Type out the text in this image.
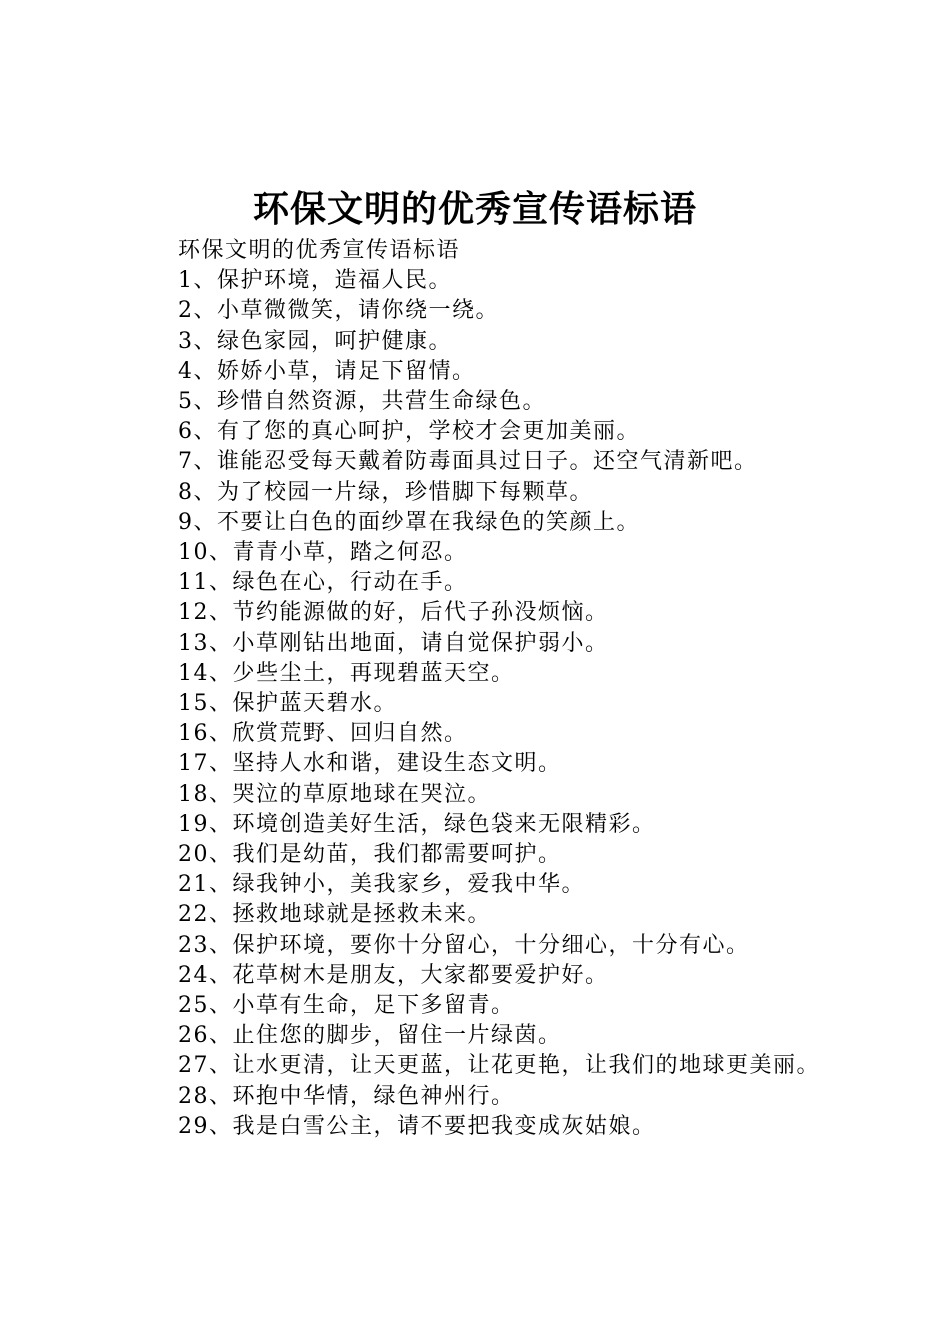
环保文明的优秀宣传语标语

环保文明的优秀宣传语标语

1、保护环境，造福人民。

2、小草微微笑，请你绕一绕。

3、绿色家园，呵护健康。

4、娇娇小草，请足下留情。

5、珍惜自然资源，共营生命绿色。

6、有了您的真心呵护，学校才会更加美丽。

7、谁能忍受每天戴着防毒面具过日子。还空气清新吧。

8、为了校园一片绿，珍惜脚下每颗草。

9、不要让白色的面纱罩在我绿色的笑颜上。

10、青青小草，踏之何忍。

11、绿色在心，行动在手。

12、节约能源做的好，后代子孙没烦恼。

13、小草刚钻出地面，请自觉保护弱小。

14、少些尘土，再现碧蓝天空。

15、保护蓝天碧水。

16、欣赏荒野、回归自然。

17、坚持人水和谐，建设生态文明。

18、哭泣的草原地球在哭泣。

19、环境创造美好生活，绿色袋来无限精彩。

20、我们是幼苗，我们都需要呵护。

21、绿我钟小，美我家乡，爱我中华。

22、拯救地球就是拯救未来。

23、保护环境，要你十分留心，十分细心，十分有心。

24、花草树木是朋友，大家都要爱护好。

25、小草有生命，足下多留青。

26、止住您的脚步，留住一片绿茵。

27、让水更清，让天更蓝，让花更艳，让我们的地球更美丽。

28、环抱中华情，绿色神州行。

29、我是白雪公主，请不要把我变成灰姑娘。
